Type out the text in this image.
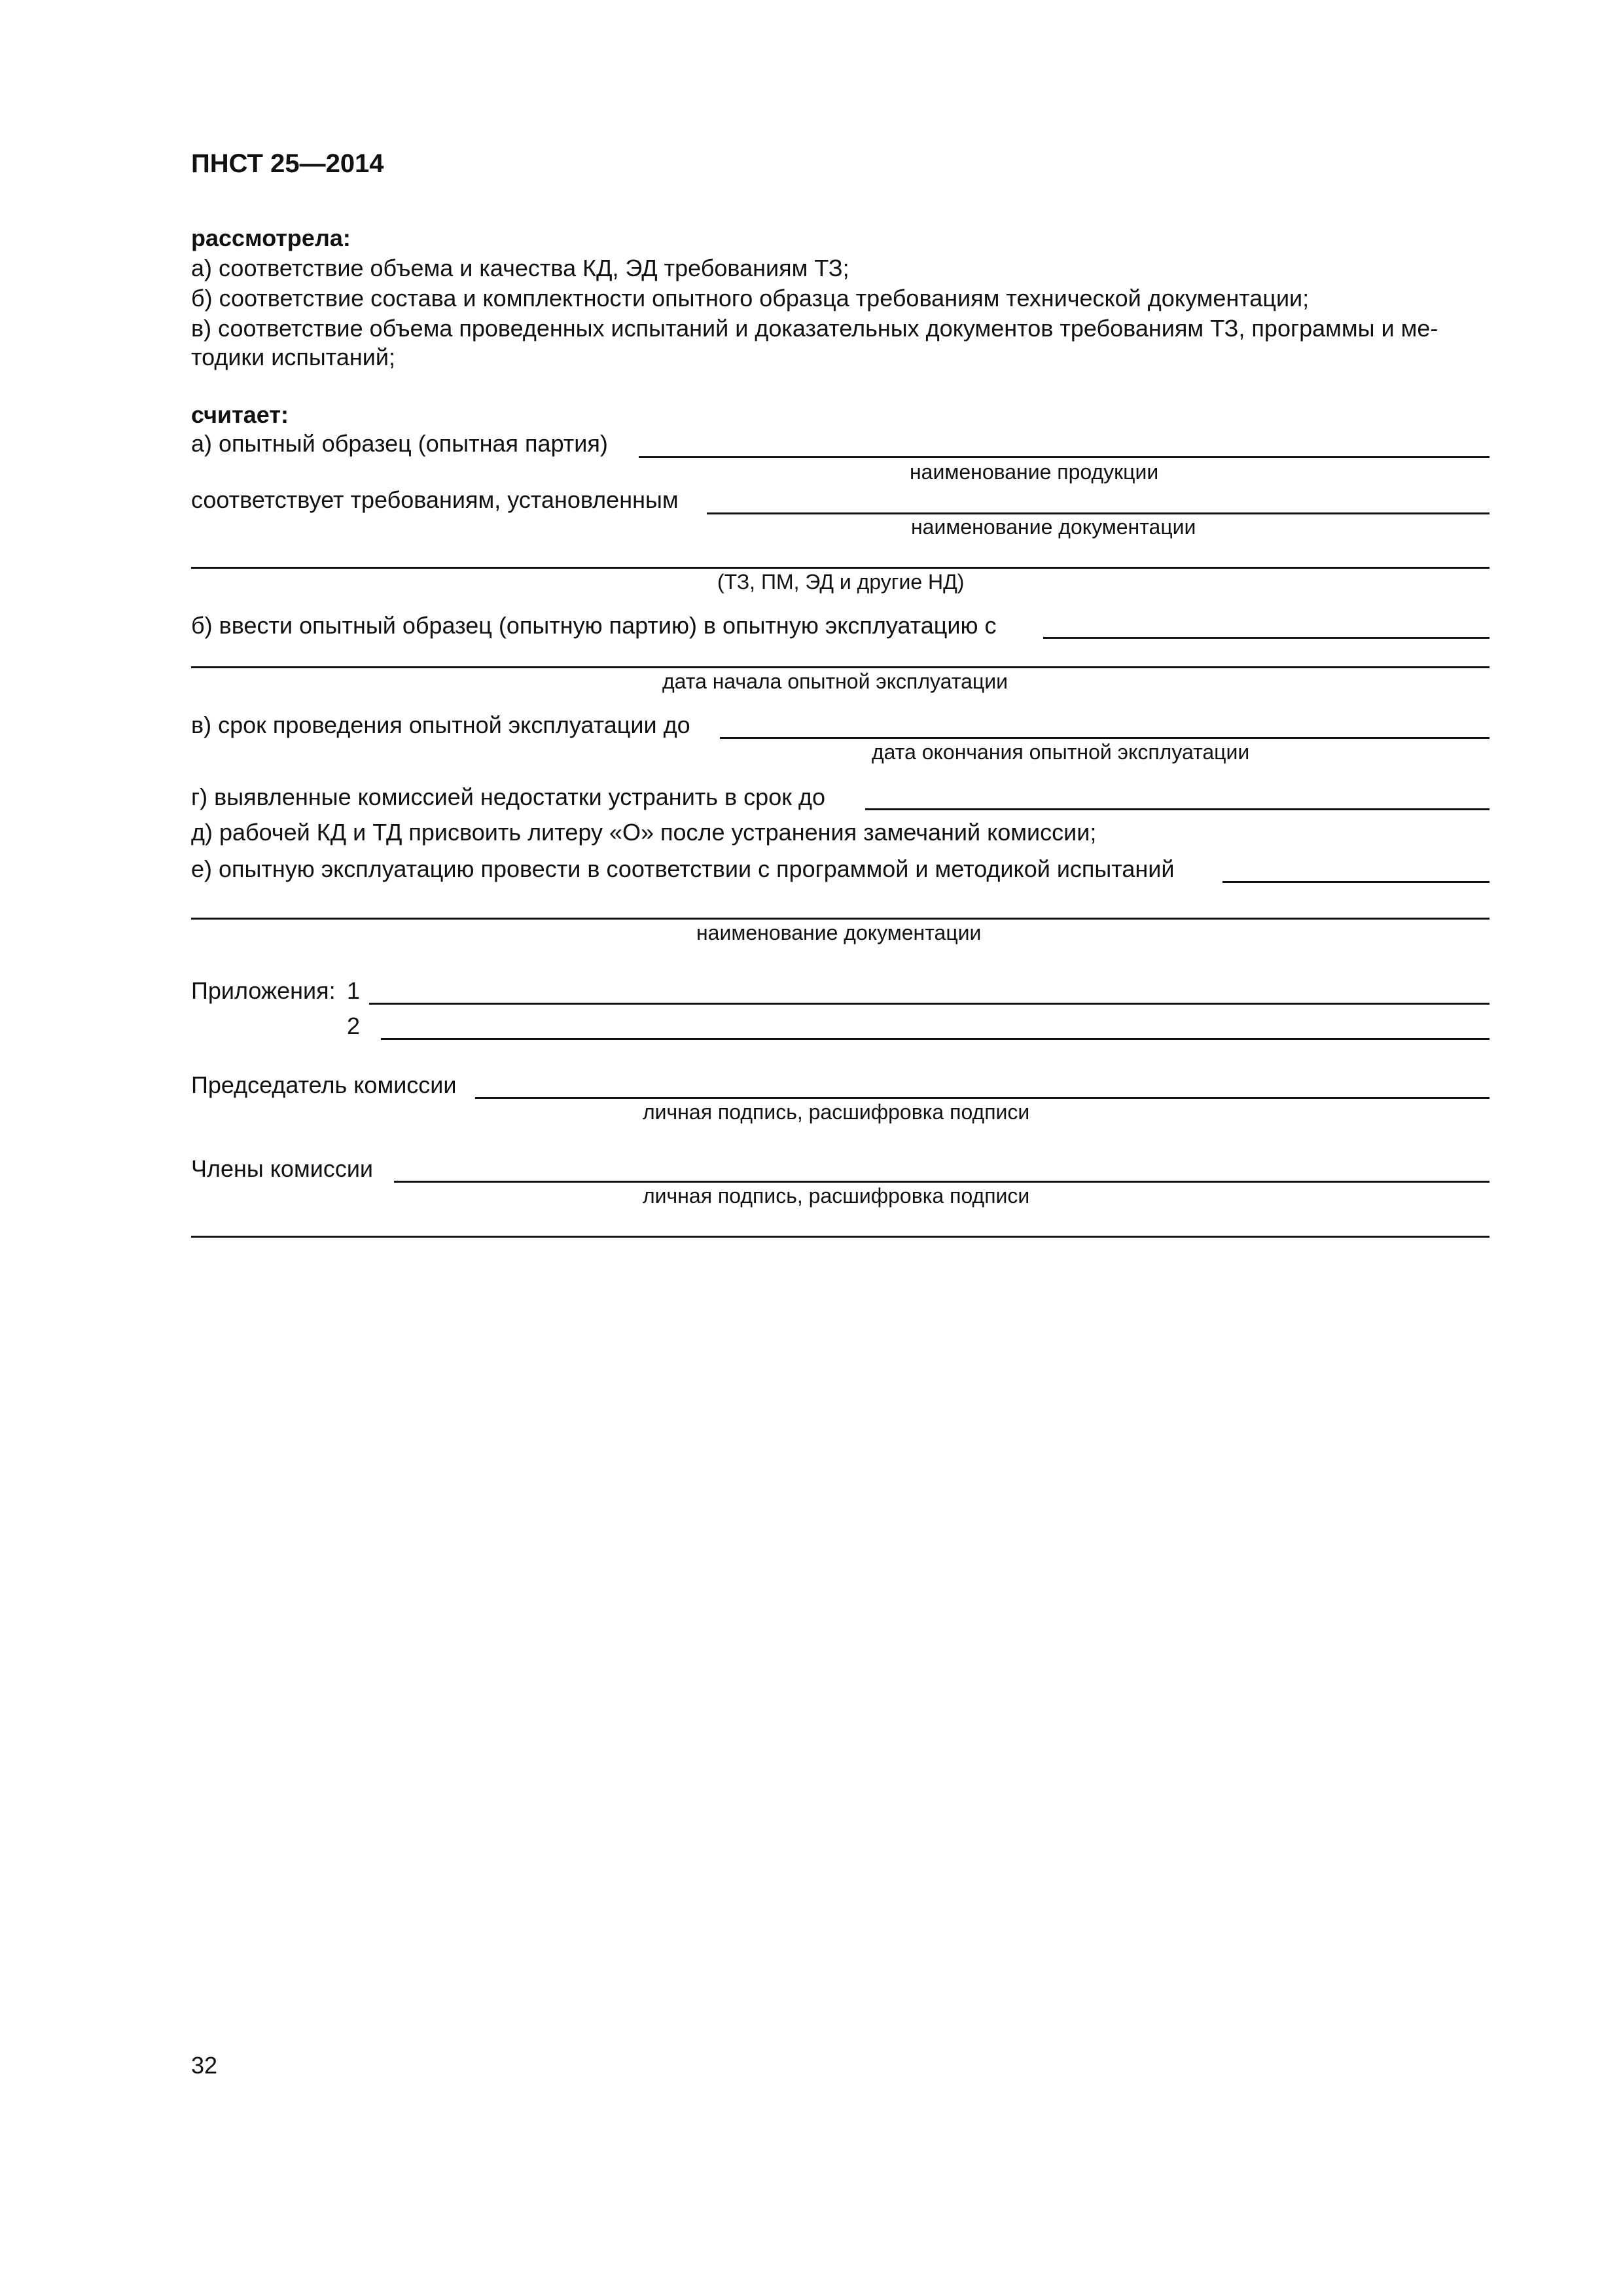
ПНСТ 25—2014
рассмотрела:
а) соответствие объема и качества КД, ЭД требованиям ТЗ;
б) соответствие состава и комплектности опытного образца требованиям технической документации;
в) соответствие объема проведенных испытаний и доказательных документов требованиям ТЗ, программы и ме-
тодики испытаний;
считает:
а) опытный образец (опытная партия)
наименование продукции
соответствует требованиям, установленным
наименование документации
(ТЗ, ПМ, ЭД и другие НД)
б) ввести опытный образец (опытную партию) в опытную эксплуатацию с
дата начала опытной эксплуатации
в) срок проведения опытной эксплуатации до
дата окончания опытной эксплуатации
г) выявленные комиссией недостатки устранить в срок до
д) рабочей КД и ТД присвоить литеру «О» после устранения замечаний комиссии;
е) опытную эксплуатацию провести в соответствии с программой и методикой испытаний
наименование документации
Приложения: 1
2
Председатель комиссии
личная подпись, расшифровка подписи
Члены комиссии
личная подпись, расшифровка подписи
32
